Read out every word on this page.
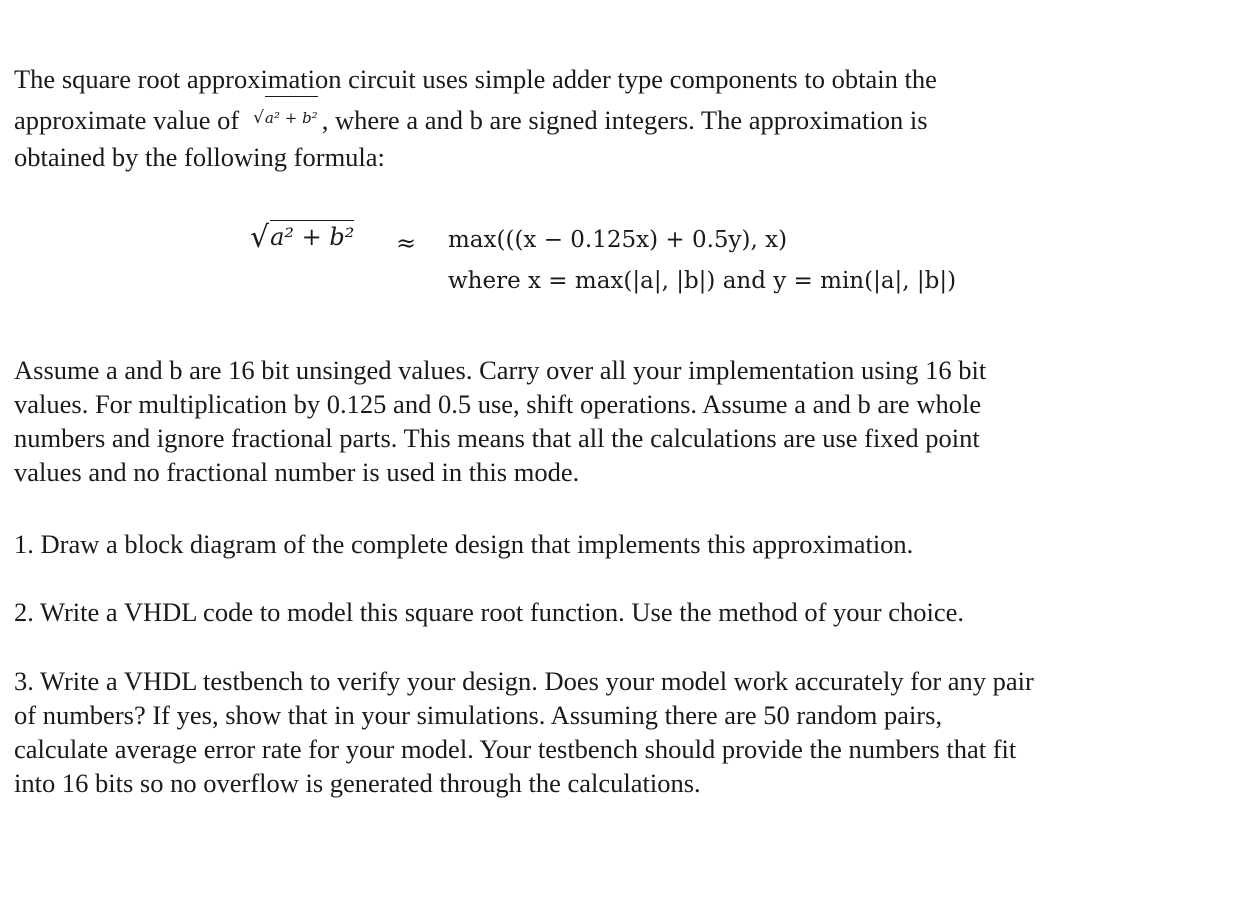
The square root approximation circuit uses simple adder type components to obtain the
approximate value of √a² + b² , where a and b are signed integers. The approximation is
obtained by the following formula:
√a² + b² ≈ max(((x − 0.125x) + 0.5y), x)
where x = max(|a|, |b|) and y = min(|a|, |b|)
Assume a and b are 16 bit unsinged values. Carry over all your implementation using 16 bit
values. For multiplication by 0.125 and 0.5 use, shift operations. Assume a and b are whole
numbers and ignore fractional parts. This means that all the calculations are use fixed point
values and no fractional number is used in this mode.
1. Draw a block diagram of the complete design that implements this approximation.
2. Write a VHDL code to model this square root function. Use the method of your choice.
3. Write a VHDL testbench to verify your design. Does your model work accurately for any pair
of numbers? If yes, show that in your simulations. Assuming there are 50 random pairs,
calculate average error rate for your model. Your testbench should provide the numbers that fit
into 16 bits so no overflow is generated through the calculations.
